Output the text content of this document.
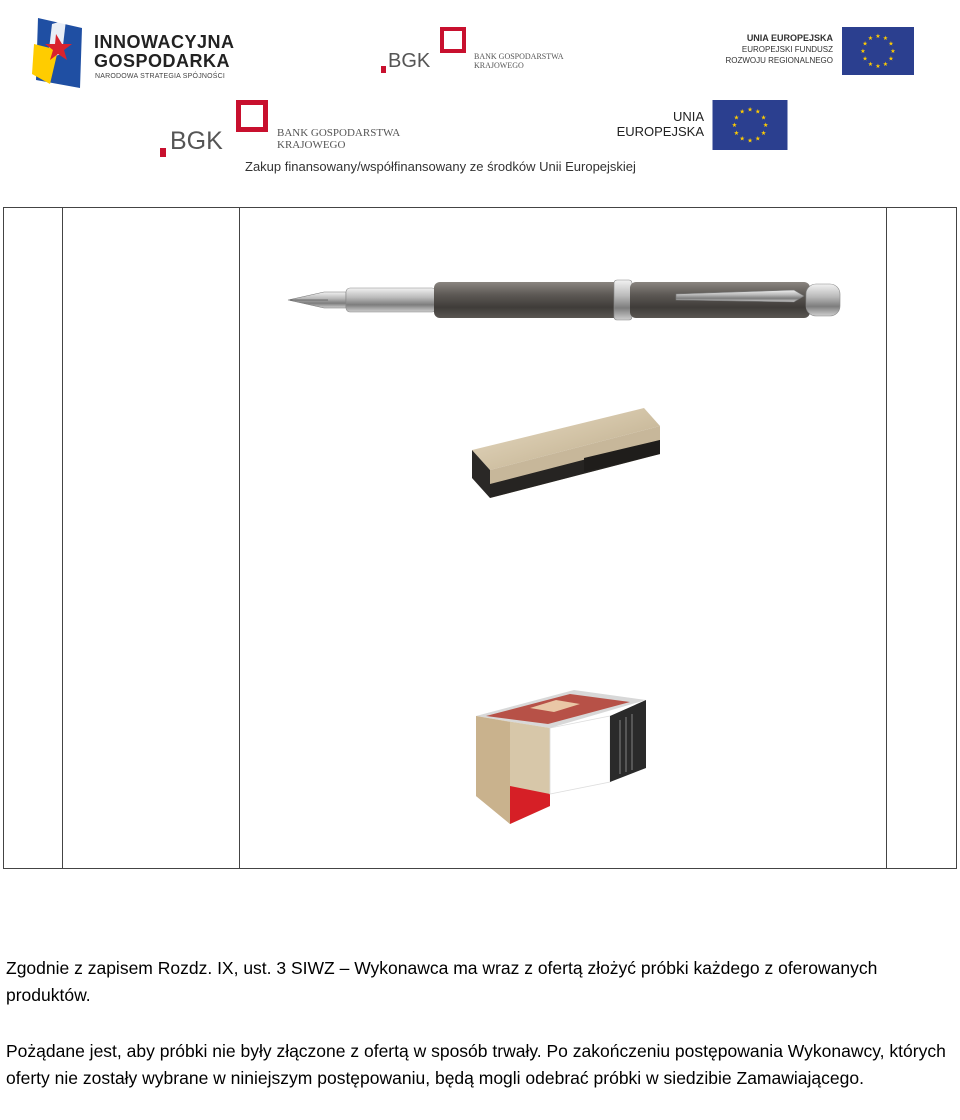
INNOWACYJNA
GOSPODARKA
NARODOWA STRATEGIA SPÓJNOŚCI
BGK	BANK GOSPODARSTWA
KRAJOWEGO
UNIA EUROPEJSKA
EUROPEJSKI FUNDUSZ
ROZWOJU REGIONALNEGO
★
★
★
★
★
★
★
★
★ ★ ★
★
BGK	BANK GOSPODARSTWA
KRAJOWEGO
Zakup finansowany/współfinansowany ze środków Unii Europejskiej
UNIA
EUROPEJSKA	★
★
★
★
★
★
★
★
★ ★ ★
★

Zgodnie z zapisem Rozdz. IX, ust. 3 SIWZ – Wykonawca ma wraz z ofertą złożyć próbki każdego z oferowanych produktów.

Pożądane jest, aby próbki nie były złączone z ofertą w sposób trwały. Po zakończeniu postępowania Wykonawcy, których oferty nie zostały wybrane w niniejszym postępowaniu, będą mogli odebrać próbki w siedzibie Zamawiającego.
